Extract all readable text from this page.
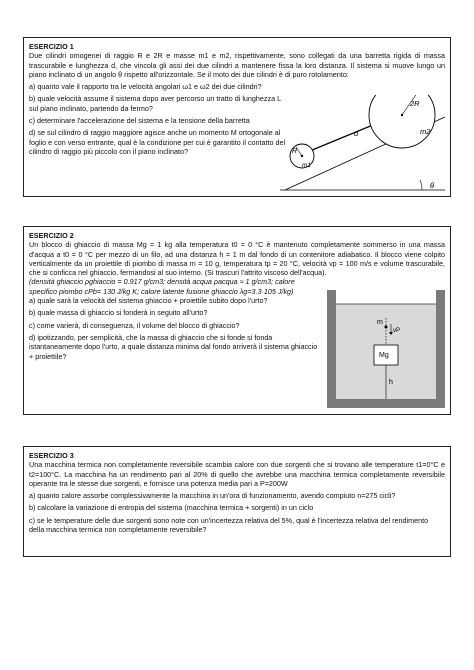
ESERCIZIO 1
Due cilindri omogenei di raggio R e 2R e masse m1 e m2, rispettivamente, sono collegati da una barretta rigida di massa trascurabile e lunghezza d, che vincola gli assi dei due cilindri a mantenere fissa la loro distanza. Il sistema si muove lungo un piano inclinato di un angolo θ rispetto all'orizzontale. Se il moto dei due cilindri è di puro rotolamento:
a) quanto vale il rapporto tra le velocità angolari ω1 e ω2 dei due cilindri?
b) quale velocità assume il sistema dopo aver percorso un tratto di lunghezza L sul piano inclinato, partendo da fermo?
c) determinare l'accelerazione del sistema e la tensione della barretta
d) se sul cilindro di raggio maggiore agisce anche un momento M ortogonale al foglio e con verso entrante, qual è la condizione per cui è garantito il contatto del cilindro di raggio più piccolo con il piano inclinato?
2R
m2
d
R
m1
θ
ESERCIZIO 2
Un blocco di ghiaccio di massa Mg = 1 kg alla temperatura t0 = 0 °C è mantenuto completamente sommerso in una massa d'acqua a t0 = 0 °C per mezzo di un filo, ad una distanza h = 1 m dal fondo di un contenitore adiabatico. Il blocco viene colpito verticalmente da un proiettile di piombo di massa m = 10 g, temperatura tp = 20 °C, velocità vp = 100 m/s e volume trascurabile, che si conficca nel ghiaccio, fermandosi al suo interno. (Si trascuri l'attrito viscoso dell'acqua).
(densità ghiaccio ρghiaccio = 0.917 g/cm3; densità acqua ρacqua ≈ 1 g/cm3; calore specifico piombo cPb= 130 J/kg K; calore latente fusione ghiaccio λg=3.3·105 J/kg)
a) quale sarà la velocità del sistema ghiaccio + proiettile subito dopo l'urto?
b) quale massa di ghiaccio si fonderà in seguito all'urto?
c) come varierà, di conseguenza, il volume del blocco di ghiaccio?
d) ipotizzando, per semplicità, che la massa di ghiaccio che si fonde si fonda istantaneamente dopo l'urto, a quale distanza minima dal fondo arriverà il sistema ghiaccio + proiettile?
m
vP
Mg
h
ESERCIZIO 3
Una macchina termica non completamente reversibile scambia calore con due sorgenti che si trovano alle temperature t1=0°C e t2=100°C. La macchina ha un rendimento pari al 20% di quello che avrebbe una macchina termica completamente reversibile operante tra le stesse due sorgenti, e fornisce una potenza media pari a P=200W
a) quanto calore assorbe complessivamente la macchina in un'ora di funzionamento, avendo compiuto n=275 cicli?
b) calcolare la variazione di entropia del sistema (macchina termica + sorgenti) in un ciclo
c) se le temperature delle due sorgenti sono note con un'incertezza relativa del 5%, qual è l'incertezza relativa del rendimento della macchina termica non completamente reversibile?
